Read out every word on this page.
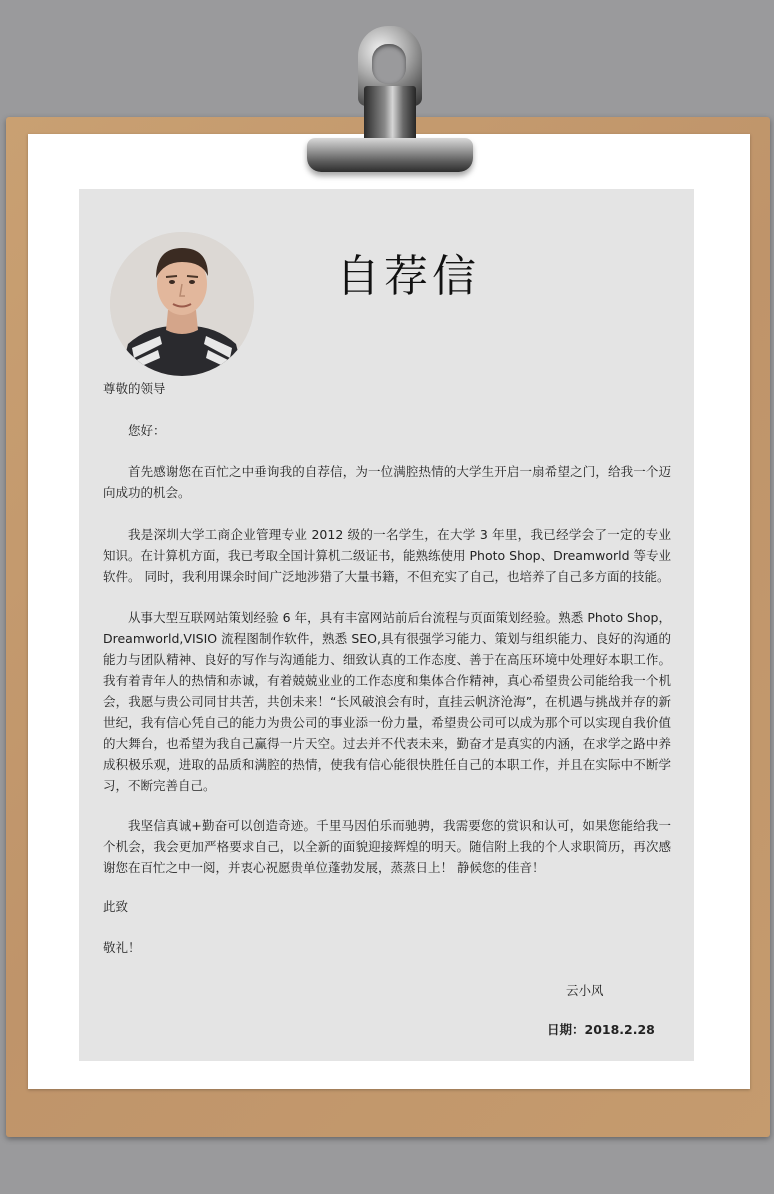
自荐信
尊敬的领导
您好：
首先感谢您在百忙之中垂询我的自荐信，为一位满腔热情的大学生开启一扇希望之门，给我一个迈向成功的机会。
我是深圳大学工商企业管理专业 2012 级的一名学生，在大学 3 年里，我已经学会了一定的专业知识。在计算机方面，我已考取全国计算机二级证书，能熟练使用 Photo Shop、Dreamworld 等专业软件。 同时，我利用课余时间广泛地涉猎了大量书籍，不但充实了自己，也培养了自己多方面的技能。
从事大型互联网站策划经验 6 年，具有丰富网站前后台流程与页面策划经验。熟悉 Photo Shop，Dreamworld,VISIO 流程图制作软件，熟悉 SEO,具有很强学习能力、策划与组织能力、良好的沟通的能力与团队精神、良好的写作与沟通能力、细致认真的工作态度、善于在高压环境中处理好本职工作。 我有着青年人的热情和赤诚，有着兢兢业业的工作态度和集体合作精神，真心希望贵公司能给我一个机会，我愿与贵公司同甘共苦，共创未来！“长风破浪会有时，直挂云帆济沧海”，在机遇与挑战并存的新世纪，我有信心凭自己的能力为贵公司的事业添一份力量，希望贵公司可以成为那个可以实现自我价值的大舞台，也希望为我自己赢得一片天空。过去并不代表未来，勤奋才是真实的内涵，在求学之路中养成积极乐观，进取的品质和满腔的热情，使我有信心能很快胜任自己的本职工作，并且在实际中不断学习，不断完善自己。
我坚信真诚+勤奋可以创造奇迹。千里马因伯乐而驰骋，我需要您的赏识和认可，如果您能给我一个机会，我会更加严格要求自己，以全新的面貌迎接辉煌的明天。随信附上我的个人求职简历，再次感谢您在百忙之中一阅，并衷心祝愿贵单位蓬勃发展，蒸蒸日上！ 静候您的佳音！
此致
敬礼！
云小风
日期：2018.2.28
